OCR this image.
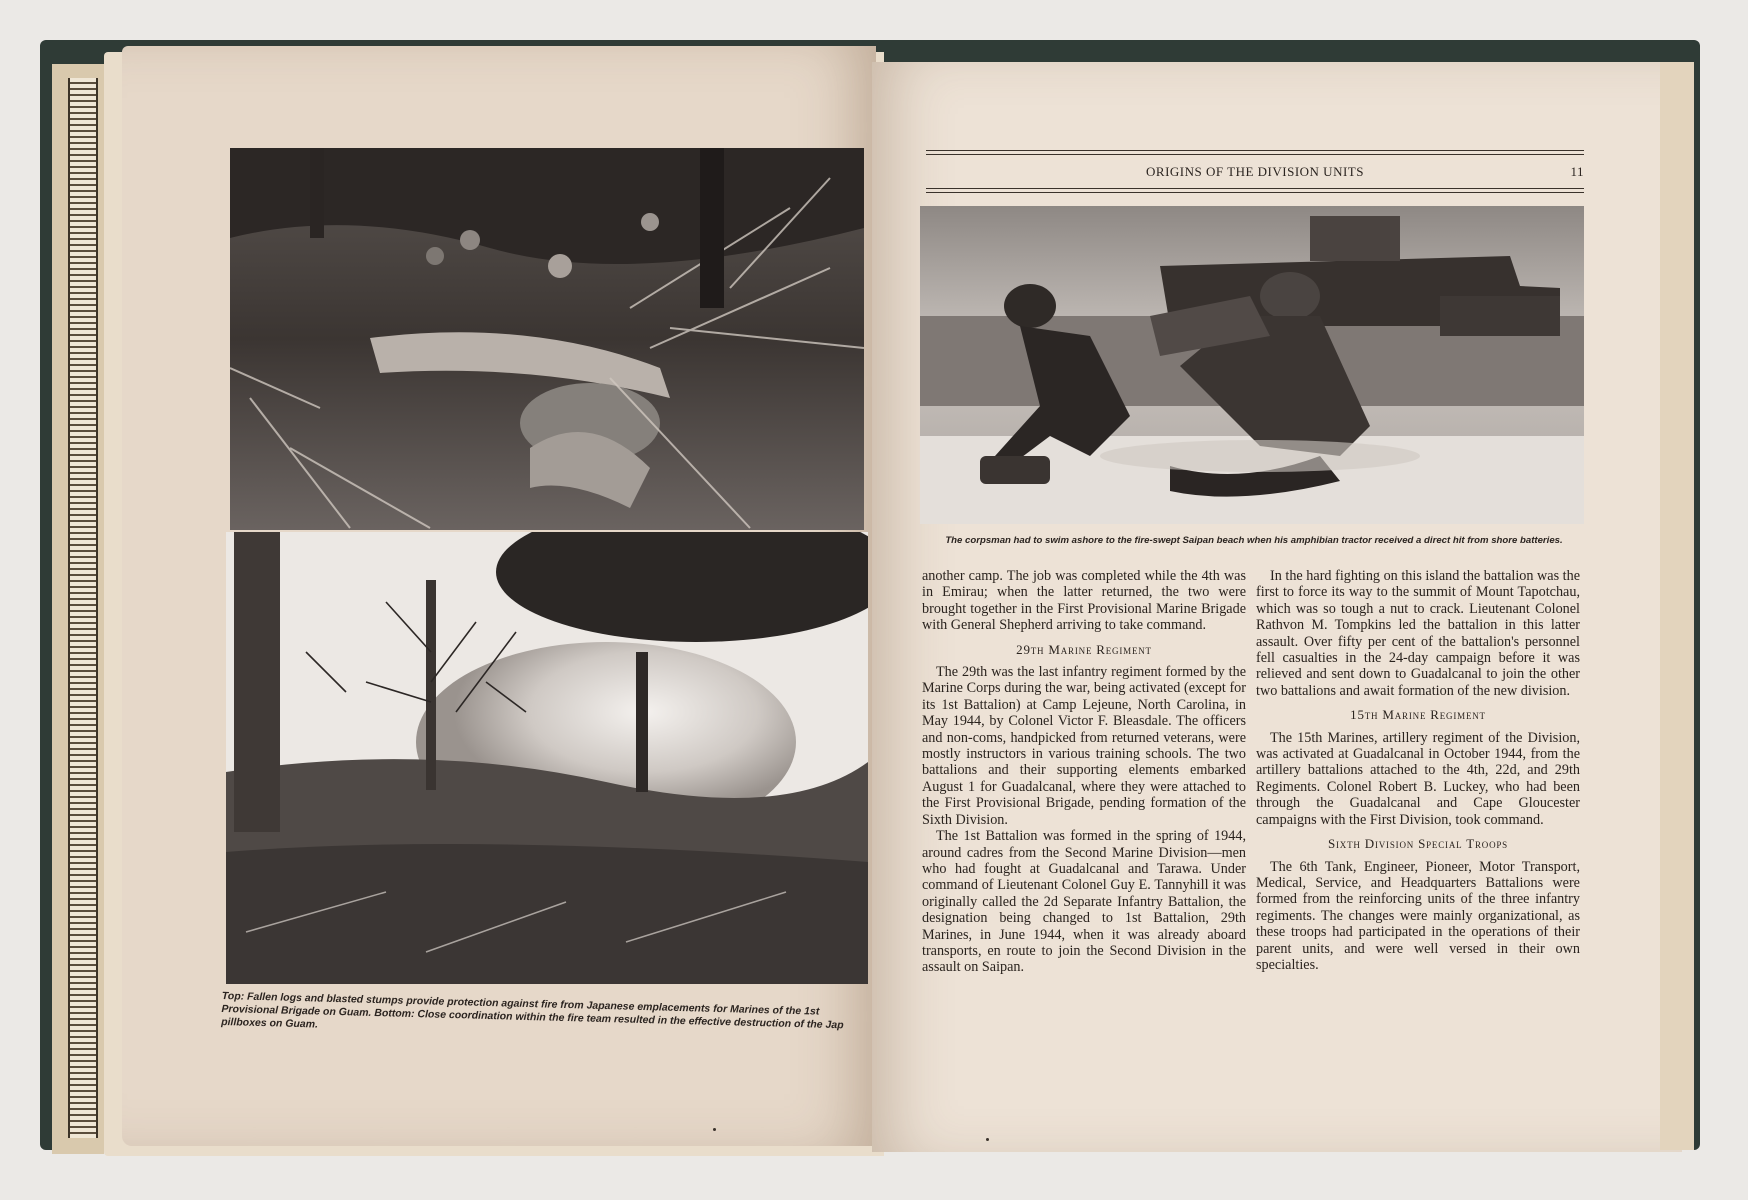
Top: Fallen logs and blasted stumps provide protection against fire from Japanese emplacements for Marines of the 1st Provisional Brigade on Guam. Bottom: Close coordination within the fire team resulted in the effective destruction of the Jap pillboxes on Guam.
ORIGINS OF THE DIVISION UNITS	11
The corpsman had to swim ashore to the fire-swept Saipan beach when his amphibian tractor received a direct hit from shore batteries.

another camp. The job was completed while the 4th was in Emirau; when the latter returned, the two were brought together in the First Provisional Marine Brigade with General Shepherd arriving to take command.

29th Marine Regiment

The 29th was the last infantry regiment formed by the Marine Corps during the war, being activated (except for its 1st Battalion) at Camp Lejeune, North Carolina, in May 1944, by Colonel Victor F. Bleasdale. The officers and non-coms, handpicked from returned veterans, were mostly instructors in various training schools. The two battalions and their supporting elements embarked August 1 for Guadalcanal, where they were attached to the First Provisional Brigade, pending formation of the Sixth Division.

The 1st Battalion was formed in the spring of 1944, around cadres from the Second Marine Division—men who had fought at Guadalcanal and Tarawa. Under command of Lieutenant Colonel Guy E. Tannyhill it was originally called the 2d Separate Infantry Battalion, the designation being changed to 1st Battalion, 29th Marines, in June 1944, when it was already aboard transports, en route to join the Second Division in the assault on Saipan.

In the hard fighting on this island the battalion was the first to force its way to the summit of Mount Tapotchau, which was so tough a nut to crack. Lieutenant Colonel Rathvon M. Tompkins led the battalion in this latter assault. Over fifty per cent of the battalion's personnel fell casualties in the 24-day campaign before it was relieved and sent down to Guadalcanal to join the other two battalions and await formation of the new division.

15th Marine Regiment

The 15th Marines, artillery regiment of the Division, was activated at Guadalcanal in October 1944, from the artillery battalions attached to the 4th, 22d, and 29th Regiments. Colonel Robert B. Luckey, who had been through the Guadalcanal and Cape Gloucester campaigns with the First Division, took command.

Sixth Division Special Troops

The 6th Tank, Engineer, Pioneer, Motor Transport, Medical, Service, and Headquarters Battalions were formed from the reinforcing units of the three infantry regiments. The changes were mainly organizational, as these troops had participated in the operations of their parent units, and were well versed in their own specialties.
